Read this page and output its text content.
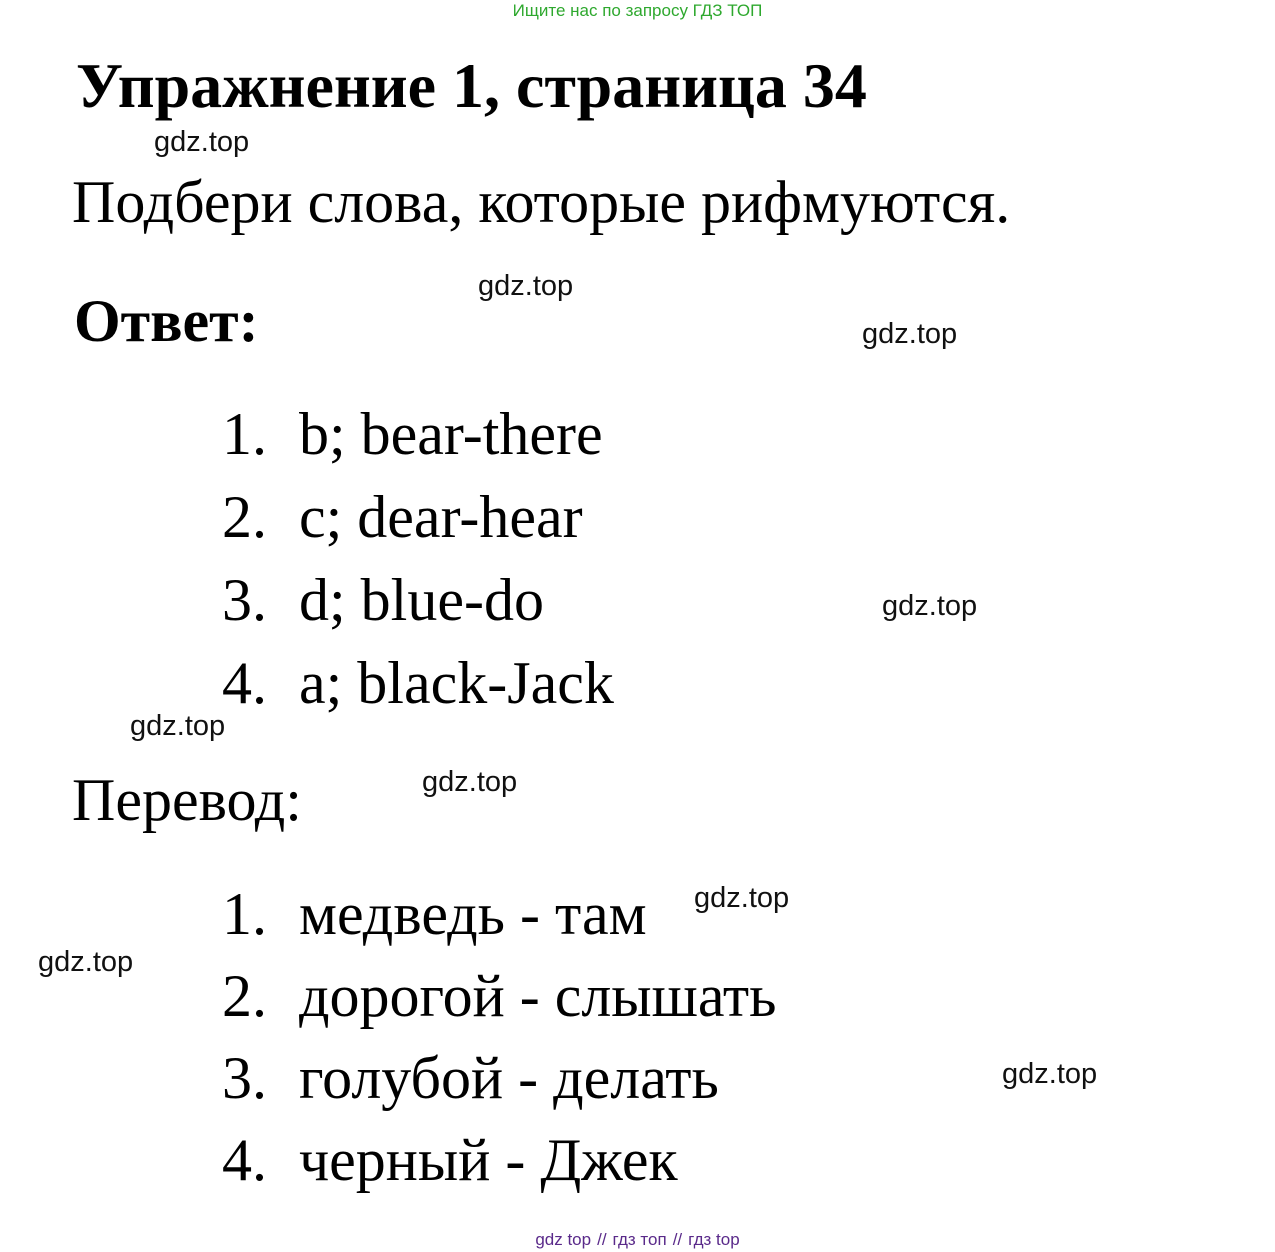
Ищите нас по запросу ГДЗ ТОП
Упражнение 1, страница 34
Подбери слова, которые рифмуются.
Ответ:
1. b; bear-there
2. c; dear-hear
3. d; blue-do
4. a; black-Jack
Перевод:
1. медведь - там
2. дорогой - слышать
3. голубой - делать
4. черный - Джек
gdz.top
gdz.top
gdz.top
gdz.top
gdz.top
gdz.top
gdz.top
gdz.top
gdz.top
gdz top // гдз топ // гдз top
